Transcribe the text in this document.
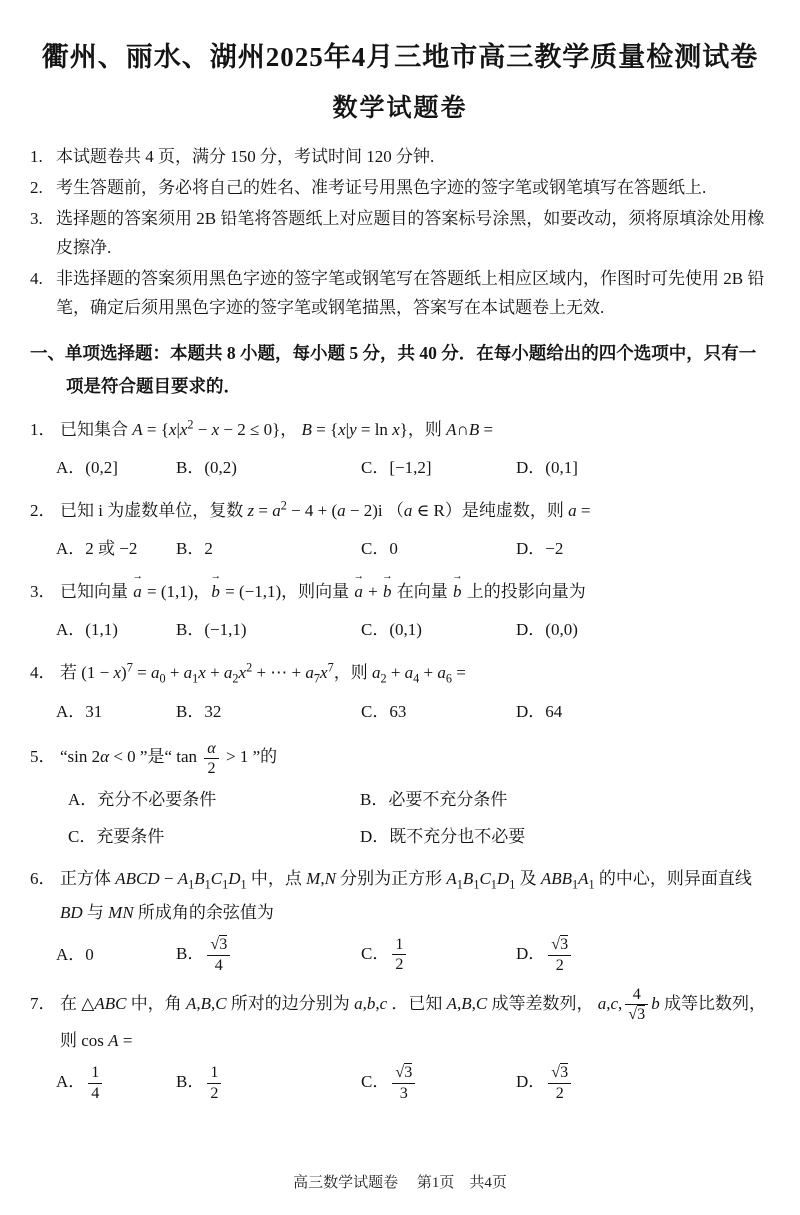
衢州、丽水、湖州2025年4月三地市高三教学质量检测试卷
数学试题卷
1. 本试题卷共 4 页，满分 150 分，考试时间 120 分钟.
2. 考生答题前，务必将自己的姓名、准考证号用黑色字迹的签字笔或钢笔填写在答题纸上.
3. 选择题的答案须用 2B 铅笔将答题纸上对应题目的答案标号涂黑，如要改动，须将原填涂处用橡皮擦净.
4. 非选择题的答案须用黑色字迹的签字笔或钢笔写在答题纸上相应区域内，作图时可先使用 2B 铅笔，确定后须用黑色字迹的签字笔或钢笔描黑，答案写在本试题卷上无效.
一、单项选择题：本题共 8 小题，每小题 5 分，共 40 分．在每小题给出的四个选项中，只有一项是符合题目要求的．
1． 已知集合 $A = \{x|x^2 - x - 2 \le 0\}$， B = {x|y = ln x}，则 A∩B =
A．(0,2]	B．(0,2)	C．[−1,2]	D．(0,1]
2． 已知 i 为虚数单位，复数 $z = a^2 - 4 + (a - 2)i$ （a ∈ R）是纯虚数，则 a =
A．2 或 −2	B．2	C．0	D．−2
3． 已知向量 a → = (1,1)，b → = (−1,1)，则向量 a → + b → 在向量 b → 上的投影向量为
A．(1,1)	B．(−1,1)	C．(0,1)	D．(0,0)
4． 若 $(1 - x)^7 = a_0 + a_1x + a_2x^2$ + ⋯ + $a_7x^7$，则 $a_2 + a_4 + a_6$ =
A．31	B．32	C．63	D．64
5． “sin 2α < 0 ”是“ $\tan \frac{\alpha}{2} > 1$ ”的
A．充分不必要条件	B．必要不充分条件
C．充要条件	D．既不充分也不必要
6． 正方体 ABCD − $A_1B_1C_1D_1$ 中，点 M,N 分别为正方形 $A_1B_1C_1D_1$ 及 $ABB_1A_1$ 的中心，则异面直线 BD 与 MN 所成角的余弦值为
A．0	B． $\frac{√3}{4}$	C． $\frac{1}{2}$	D． $\frac{√3}{2}$
7． 在 △ABC 中，角 A,B,C 所对的边分别为 a,b,c ．已知 A,B,C 成等差数列， a,c, $\frac{4}{√3}$ b 成等比数列，则 cos A =
A． $\frac{1}{4}$	B． $\frac{1}{2}$	C． $\frac{√3}{3}$	D． $\frac{√3}{2}$
高三数学试题卷　 第1页　共4页
